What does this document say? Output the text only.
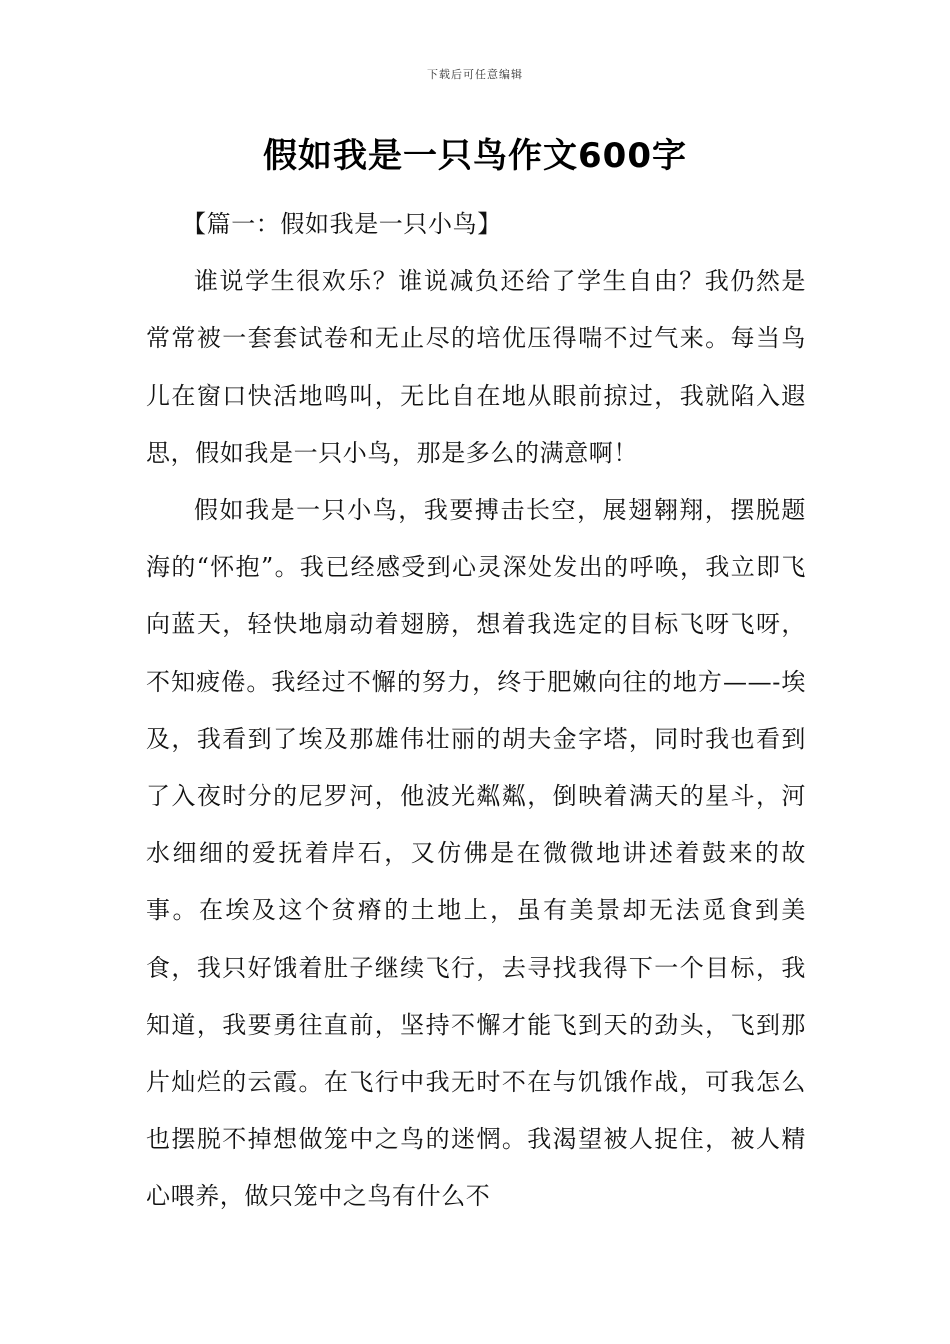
下载后可任意编辑
假如我是一只鸟作文600字

【篇一：假如我是一只小鸟】

谁说学生很欢乐？谁说减负还给了学生自由？我仍然是常常被一套套试卷和无止尽的培优压得喘不过气来。每当鸟儿在窗口快活地鸣叫，无比自在地从眼前掠过，我就陷入遐思，假如我是一只小鸟，那是多么的满意啊！

假如我是一只小鸟，我要搏击长空，展翅翱翔，摆脱题海的“怀抱”。我已经感受到心灵深处发出的呼唤，我立即飞向蓝天，轻快地扇动着翅膀，想着我选定的目标飞呀飞呀，不知疲倦。我经过不懈的努力，终于肥嫩向往的地方——-埃及，我看到了埃及那雄伟壮丽的胡夫金字塔，同时我也看到了入夜时分的尼罗河，他波光粼粼，倒映着满天的星斗，河水细细的爱抚着岸石，又仿佛是在微微地讲述着鼓来的故事。在埃及这个贫瘠的土地上，虽有美景却无法觅食到美食，我只好饿着肚子继续飞行，去寻找我得下一个目标，我知道，我要勇往直前，坚持不懈才能飞到天的劲头，飞到那片灿烂的云霞。在飞行中我无时不在与饥饿作战，可我怎么也摆脱不掉想做笼中之鸟的迷惘。我渴望被人捉住，被人精心喂养，做只笼中之鸟有什么不
